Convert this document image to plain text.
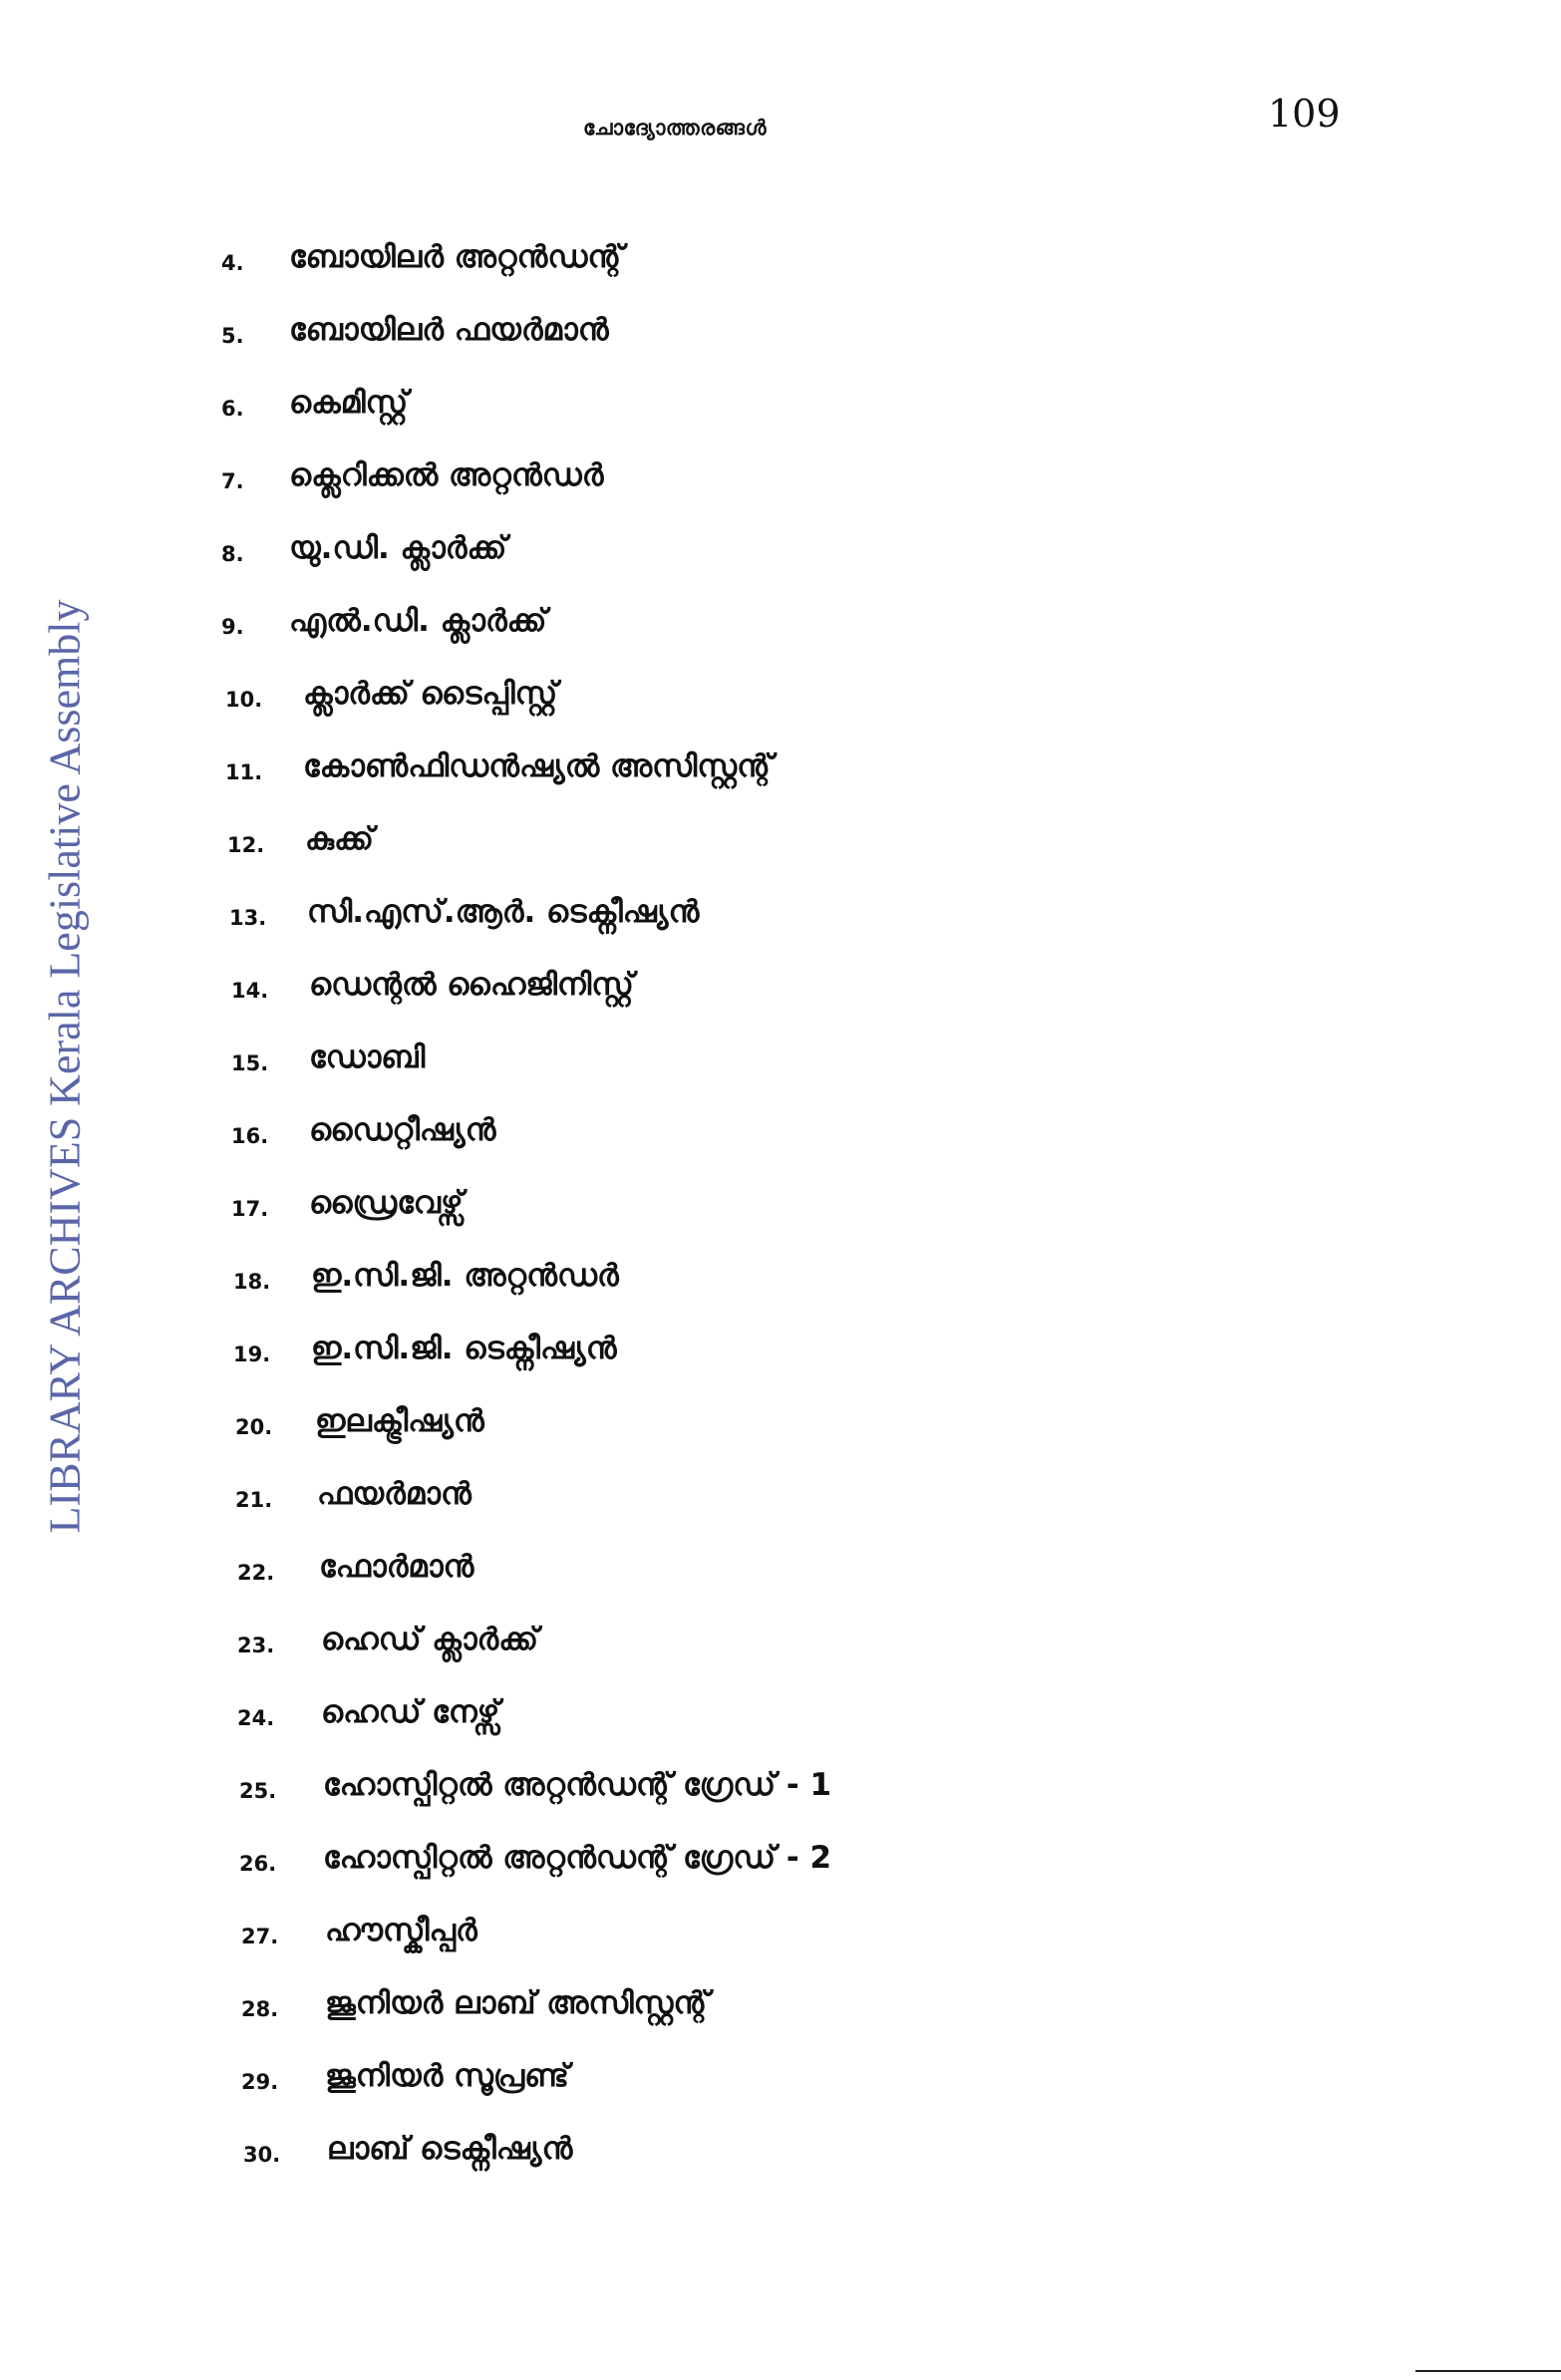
ചോദ്യോത്തരങ്ങൾ	109
LIBRARY ARCHIVES Kerala Legislative Assembly
4. ബോയിലർ അറ്റൻഡന്റ്
5. ബോയിലർ ഫയർമാൻ
6. കെമിസ്റ്റ്
7. ക്ലെറിക്കൽ അറ്റൻഡർ
8. യു.ഡി. ക്ലാർക്ക്
9. എൽ.ഡി. ക്ലാർക്ക്
10. ക്ലാർക്ക് ടൈപ്പിസ്റ്റ്
11. കോൺഫിഡൻഷ്യൽ അസിസ്റ്റന്റ്
12. കുക്ക്
13. സി.എസ്.ആർ. ടെക്നീഷ്യൻ
14. ഡെന്റൽ ഹൈജിനിസ്റ്റ്
15. ഡോബി
16. ഡൈറ്റീഷ്യൻ
17. ഡ്രൈവേഴ്സ്
18. ഇ.സി.ജി. അറ്റൻഡർ
19. ഇ.സി.ജി. ടെക്നീഷ്യൻ
20. ഇലക്ട്രീഷ്യൻ
21. ഫയർമാൻ
22. ഫോർമാൻ
23. ഹെഡ് ക്ലാർക്ക്
24. ഹെഡ് നേഴ്സ്
25. ഹോസ്പിറ്റൽ അറ്റൻഡന്റ് ഗ്രേഡ് - 1
26. ഹോസ്പിറ്റൽ അറ്റൻഡന്റ് ഗ്രേഡ് - 2
27. ഹൗസ്കീപ്പർ
28. ജൂനിയർ ലാബ് അസിസ്റ്റന്റ്
29. ജൂനിയർ സൂപ്രണ്ട്
30. ലാബ് ടെക്നീഷ്യൻ
